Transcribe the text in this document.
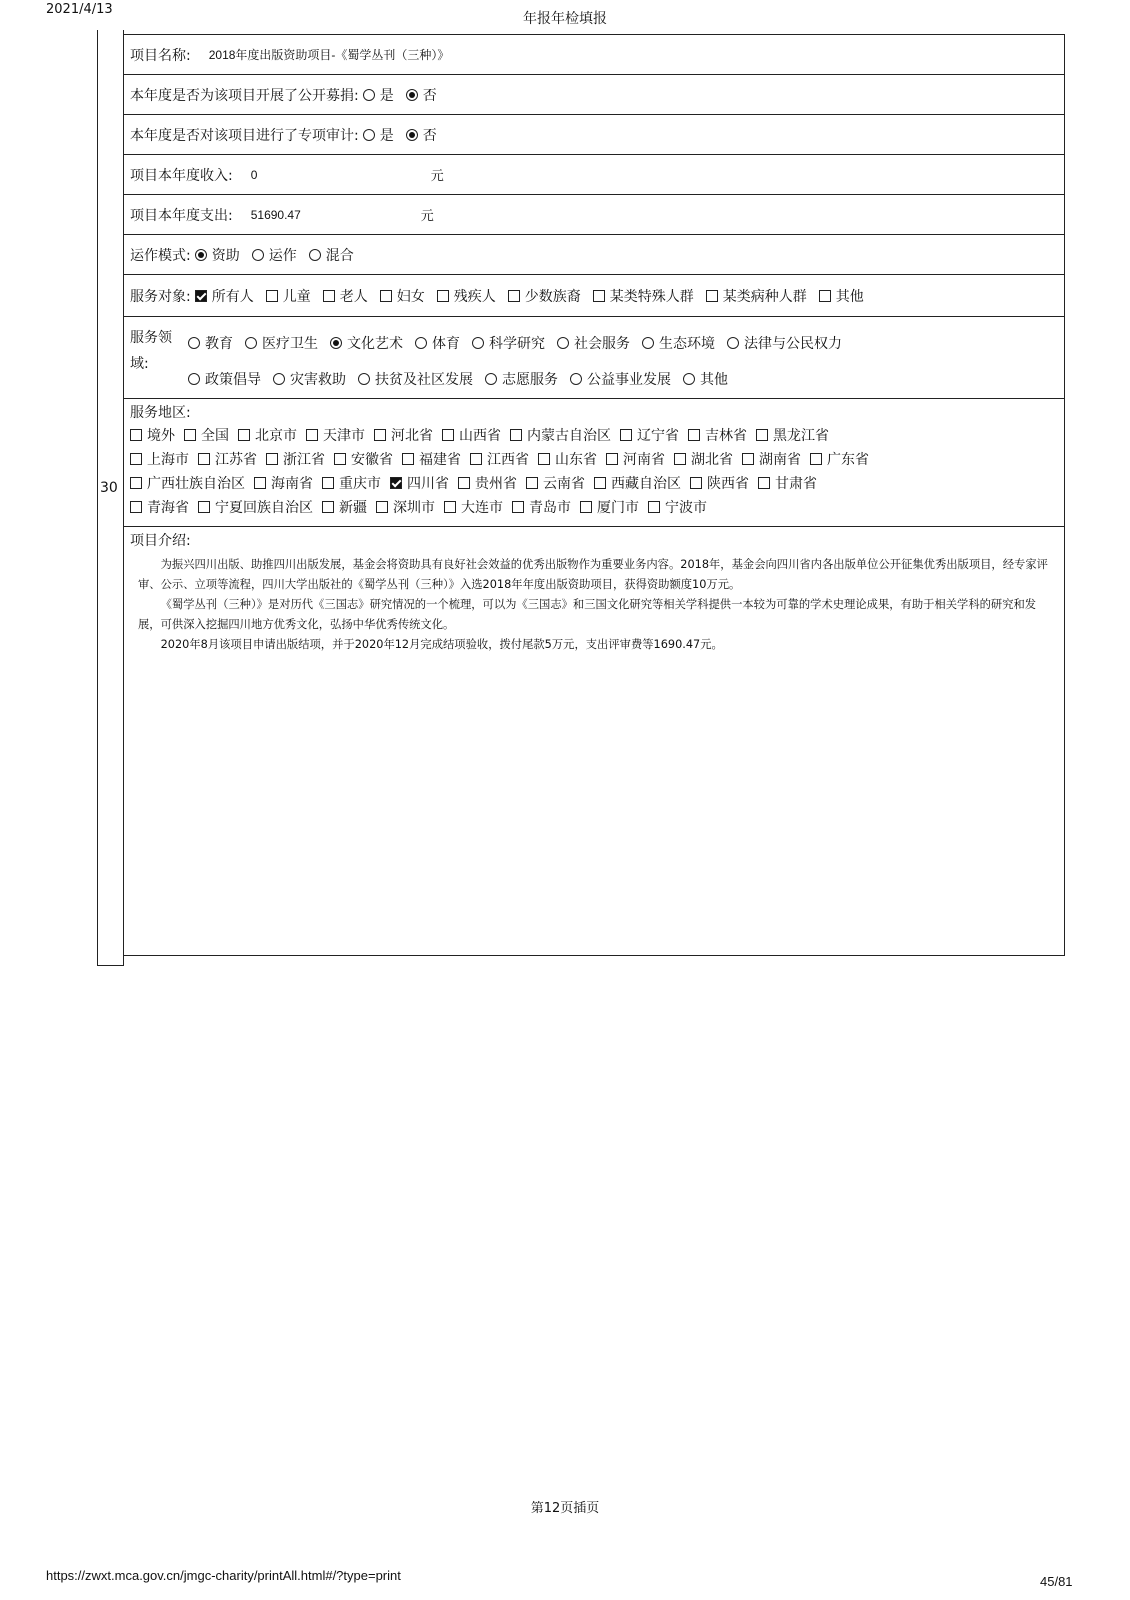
2021/4/13
年报年检填报
30
项目名称: 2018年度出版资助项目-《蜀学丛刊（三种）》
本年度是否为该项目开展了公开募捐: 是 否
本年度是否对该项目进行了专项审计: 是 否
项目本年度收入: 0	元
项目本年度支出: 51690.47	元
运作模式: 资助 运作 混合
服务对象: 所有人 儿童 老人 妇女 残疾人 少数族裔 某类特殊人群 某类病种人群 其他
服务领域:
教育 医疗卫生 文化艺术 体育 科学研究 社会服务 生态环境 法律与公民权力
政策倡导 灾害救助 扶贫及社区发展 志愿服务 公益事业发展 其他
服务地区:
境外 全国 北京市 天津市 河北省 山西省 内蒙古自治区 辽宁省 吉林省 黑龙江省
上海市 江苏省 浙江省 安徽省 福建省 江西省 山东省 河南省 湖北省 湖南省 广东省
广西壮族自治区 海南省 重庆市 四川省 贵州省 云南省 西藏自治区 陕西省 甘肃省
青海省 宁夏回族自治区 新疆 深圳市 大连市 青岛市 厦门市 宁波市
项目介绍:

为振兴四川出版、助推四川出版发展，基金会将资助具有良好社会效益的优秀出版物作为重要业务内容。2018年，基金会向四川省内各出版单位公开征集优秀出版项目，经专家评审、公示、立项等流程，四川大学出版社的《蜀学丛刊（三种）》入选2018年年度出版资助项目，获得资助额度10万元。

《蜀学丛刊（三种）》是对历代《三国志》研究情况的一个梳理，可以为《三国志》和三国文化研究等相关学科提供一本较为可靠的学术史理论成果，有助于相关学科的研究和发展，可供深入挖掘四川地方优秀文化，弘扬中华优秀传统文化。

2020年8月该项目申请出版结项，并于2020年12月完成结项验收，拨付尾款5万元，支出评审费等1690.47元。

第12页插页
https://zwxt.mca.gov.cn/jmgc-charity/printAll.html#/?type=print	45/81
